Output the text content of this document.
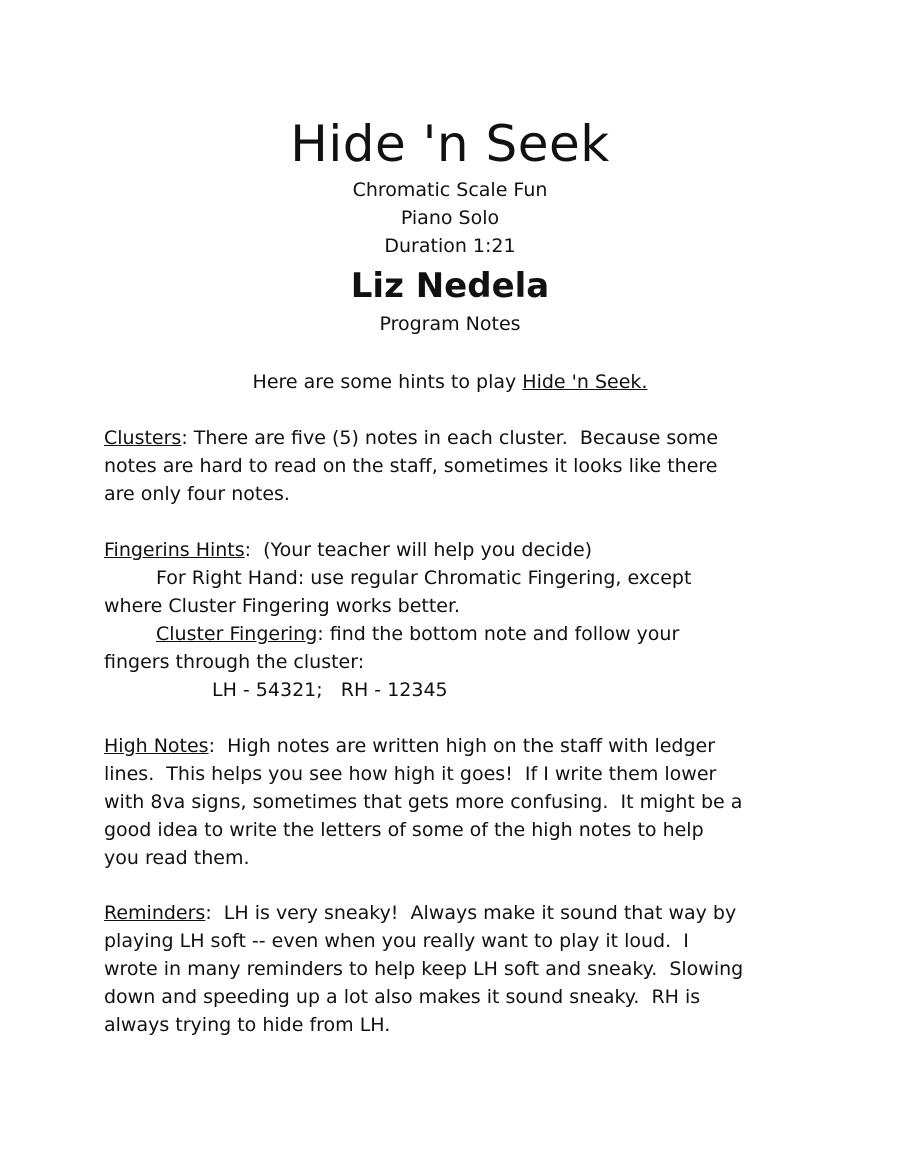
Hide 'n Seek
Chromatic Scale Fun
Piano Solo
Duration 1:21
Liz Nedela
Program Notes
Here are some hints to play Hide 'n Seek.
Clusters: There are five (5) notes in each cluster.  Because some
notes are hard to read on the staff, sometimes it looks like there
are only four notes.
Fingerins Hints:  (Your teacher will help you decide)
For Right Hand: use regular Chromatic Fingering, except
where Cluster Fingering works better.
Cluster Fingering: find the bottom note and follow your
fingers through the cluster:
LH - 54321;   RH - 12345
High Notes:  High notes are written high on the staff with ledger
lines.  This helps you see how high it goes!  If I write them lower
with 8va signs, sometimes that gets more confusing.  It might be a
good idea to write the letters of some of the high notes to help
you read them.
Reminders:  LH is very sneaky!  Always make it sound that way by
playing LH soft -- even when you really want to play it loud.  I
wrote in many reminders to help keep LH soft and sneaky.  Slowing
down and speeding up a lot also makes it sound sneaky.  RH is
always trying to hide from LH.
